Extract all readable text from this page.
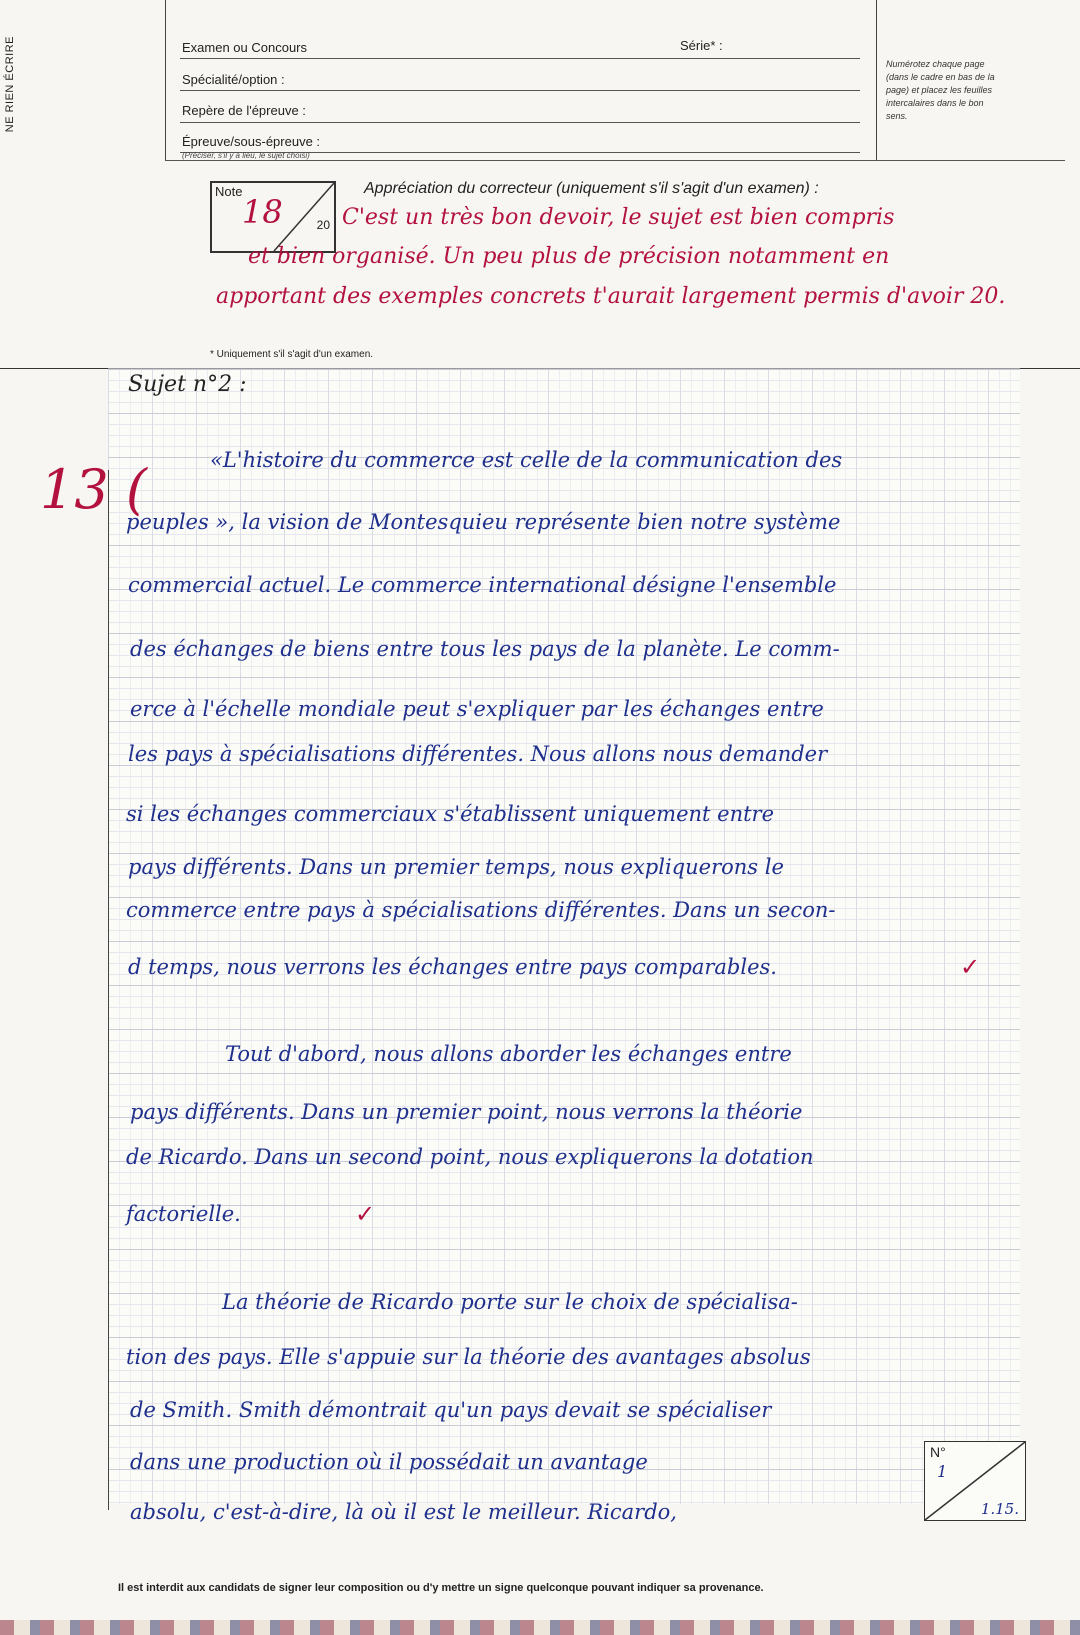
NE RIEN ÉCRIRE	Examen ou Concours	Série* :
Spécialité/option :
Repère de l'épreuve :
Épreuve/sous-épreuve :
(Préciser, s'il y a lieu, le sujet choisi)
Numérotez chaque page (dans le cadre en bas de la page) et placez les feuilles intercalaires dans le bon sens.
Note
18	20
Appréciation du correcteur (uniquement s'il s'agit d'un examen) :
C'est un très bon devoir, le sujet est bien compris
et bien organisé. Un peu plus de précision notamment en
apportant des exemples concrets t'aurait largement permis d'avoir 20.
* Uniquement s'il s'agit d'un examen.
13 (
Sujet n°2 :
«L'histoire du commerce est celle de la communication des
peuples », la vision de Montesquieu représente bien notre système
commercial actuel. Le commerce international désigne l'ensemble
des échanges de biens entre tous les pays de la planète. Le comm-
erce à l'échelle mondiale peut s'expliquer par les échanges entre
les pays à spécialisations différentes. Nous allons nous demander
si les échanges commerciaux s'établissent uniquement entre
pays différents. Dans un premier temps, nous expliquerons le
commerce entre pays à spécialisations différentes. Dans un secon-
d temps, nous verrons les échanges entre pays comparables.	✓
Tout d'abord, nous allons aborder les échanges entre
pays différents. Dans un premier point, nous verrons la théorie
de Ricardo. Dans un second point, nous expliquerons la dotation
factorielle.	✓
La théorie de Ricardo porte sur le choix de spécialisa-
tion des pays. Elle s'appuie sur la théorie des avantages absolus
de Smith. Smith démontrait qu'un pays devait se spécialiser
dans une production où il possédait un avantage
absolu, c'est-à-dire, là où il est le meilleur. Ricardo,
N°
1
1.15.
Il est interdit aux candidats de signer leur composition ou d'y mettre un signe quelconque pouvant indiquer sa provenance.
